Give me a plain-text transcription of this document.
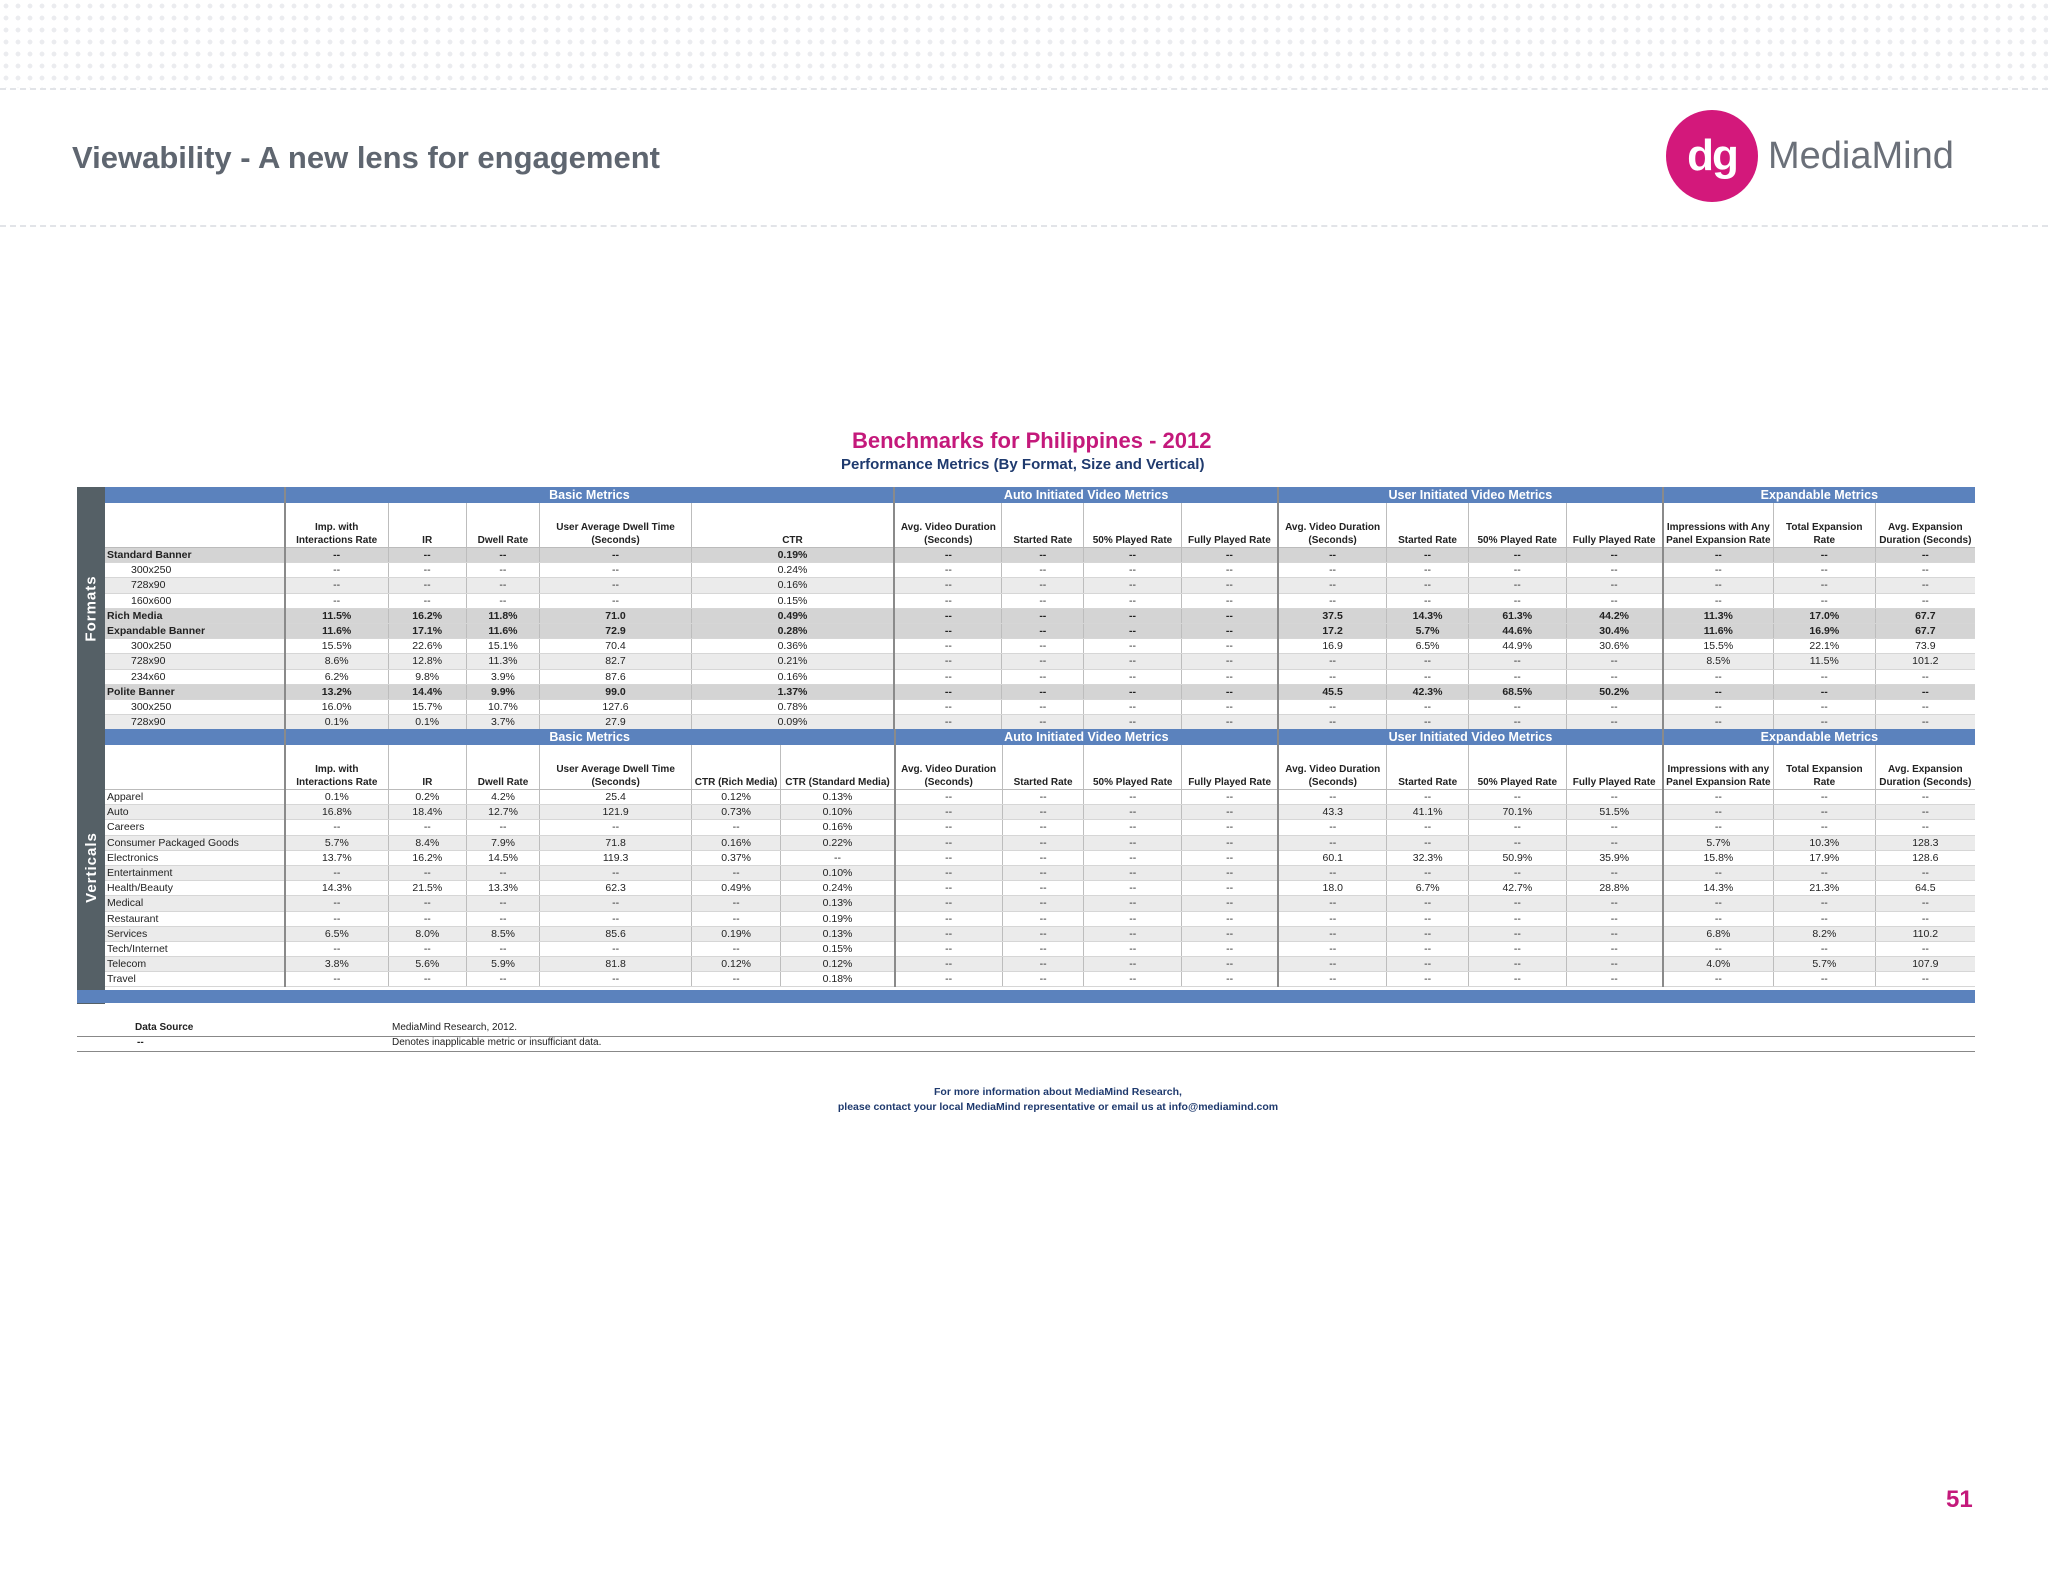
Viewability - A new lens for engagement	dg MediaMind
Benchmarks for Philippines - 2012
Performance Metrics (By Format, Size and Vertical)
Formats
Verticals
	Basic Metrics					Auto Initiated Video Metrics				User Initiated Video Metrics				Expandable Metrics		
	Imp. with Interactions Rate	IR	Dwell Rate	User Average Dwell Time (Seconds)	CTR	Avg. Video Duration (Seconds)	Started Rate	50% Played Rate	Fully Played Rate	Avg. Video Duration (Seconds)	Started Rate	50% Played Rate	Fully Played Rate	Impressions with Any Panel Expansion Rate	Total Expansion Rate	Avg. Expansion Duration (Seconds)
Standard Banner	--	--	--	--	0.19%	--	--	--	--	--	--	--	--	--	--	--
300x250	--	--	--	--	0.24%	--	--	--	--	--	--	--	--	--	--	--
728x90	--	--	--	--	0.16%	--	--	--	--	--	--	--	--	--	--	--
160x600	--	--	--	--	0.15%	--	--	--	--	--	--	--	--	--	--	--
Rich Media	11.5%	16.2%	11.8%	71.0	0.49%	--	--	--	--	37.5	14.3%	61.3%	44.2%	11.3%	17.0%	67.7
Expandable Banner	11.6%	17.1%	11.6%	72.9	0.28%	--	--	--	--	17.2	5.7%	44.6%	30.4%	11.6%	16.9%	67.7
300x250	15.5%	22.6%	15.1%	70.4	0.36%	--	--	--	--	16.9	6.5%	44.9%	30.6%	15.5%	22.1%	73.9
728x90	8.6%	12.8%	11.3%	82.7	0.21%	--	--	--	--	--	--	--	--	8.5%	11.5%	101.2
234x60	6.2%	9.8%	3.9%	87.6	0.16%	--	--	--	--	--	--	--	--	--	--	--
Polite Banner	13.2%	14.4%	9.9%	99.0	1.37%	--	--	--	--	45.5	42.3%	68.5%	50.2%	--	--	--
300x250	16.0%	15.7%	10.7%	127.6	0.78%	--	--	--	--	--	--	--	--	--	--	--
728x90	0.1%	0.1%	3.7%	27.9	0.09%	--	--	--	--	--	--	--	--	--	--	--
	Basic Metrics						Auto Initiated Video Metrics				User Initiated Video Metrics				Expandable Metrics		
	Imp. with Interactions Rate	IR	Dwell Rate	User Average Dwell Time (Seconds)	CTR (Rich Media)	CTR (Standard Media)	Avg. Video Duration (Seconds)	Started Rate	50% Played Rate	Fully Played Rate	Avg. Video Duration (Seconds)	Started Rate	50% Played Rate	Fully Played Rate	Impressions with any Panel Expansion Rate	Total Expansion Rate	Avg. Expansion Duration (Seconds)
Apparel	0.1%	0.2%	4.2%	25.4	0.12%	0.13%	--	--	--	--	--	--	--	--	--	--	--
Auto	16.8%	18.4%	12.7%	121.9	0.73%	0.10%	--	--	--	--	43.3	41.1%	70.1%	51.5%	--	--	--
Careers	--	--	--	--	--	0.16%	--	--	--	--	--	--	--	--	--	--	--
Consumer Packaged Goods	5.7%	8.4%	7.9%	71.8	0.16%	0.22%	--	--	--	--	--	--	--	--	5.7%	10.3%	128.3
Electronics	13.7%	16.2%	14.5%	119.3	0.37%	--	--	--	--	--	60.1	32.3%	50.9%	35.9%	15.8%	17.9%	128.6
Entertainment	--	--	--	--	--	0.10%	--	--	--	--	--	--	--	--	--	--	--
Health/Beauty	14.3%	21.5%	13.3%	62.3	0.49%	0.24%	--	--	--	--	18.0	6.7%	42.7%	28.8%	14.3%	21.3%	64.5
Medical	--	--	--	--	--	0.13%	--	--	--	--	--	--	--	--	--	--	--
Restaurant	--	--	--	--	--	0.19%	--	--	--	--	--	--	--	--	--	--	--
Services	6.5%	8.0%	8.5%	85.6	0.19%	0.13%	--	--	--	--	--	--	--	--	6.8%	8.2%	110.2
Tech/Internet	--	--	--	--	--	0.15%	--	--	--	--	--	--	--	--	--	--	--
Telecom	3.8%	5.6%	5.9%	81.8	0.12%	0.12%	--	--	--	--	--	--	--	--	4.0%	5.7%	107.9
Travel	--	--	--	--	--	0.18%	--	--	--	--	--	--	--	--	--	--	--
Data Source	MediaMind Research, 2012.
--	Denotes inapplicable metric or insufficiant data.
For more information about MediaMind Research,
please contact your local MediaMind representative or email us at info@mediamind.com
51
